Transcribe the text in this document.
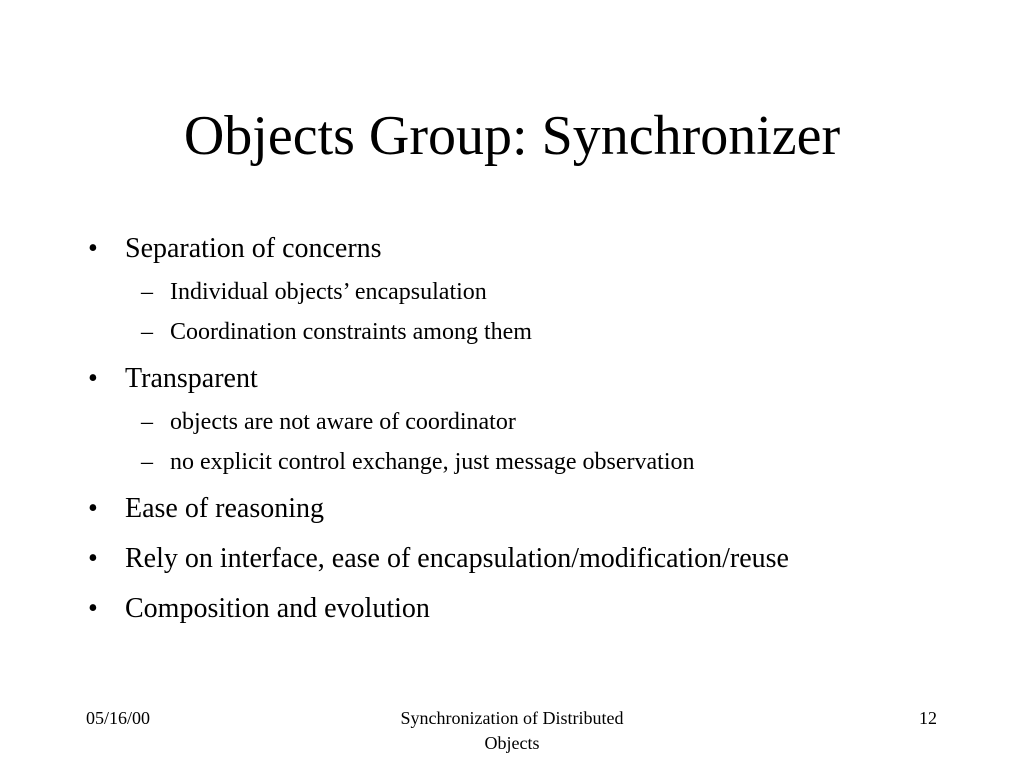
Objects Group: Synchronizer
• Separation of concerns
– Individual objects’ encapsulation
– Coordination constraints among them
• Transparent
– objects are not aware of coordinator
– no explicit control exchange, just message observation
• Ease of reasoning
• Rely on interface, ease of encapsulation/modification/reuse
• Composition and evolution
05/16/00	Synchronization of Distributed
Objects
12
